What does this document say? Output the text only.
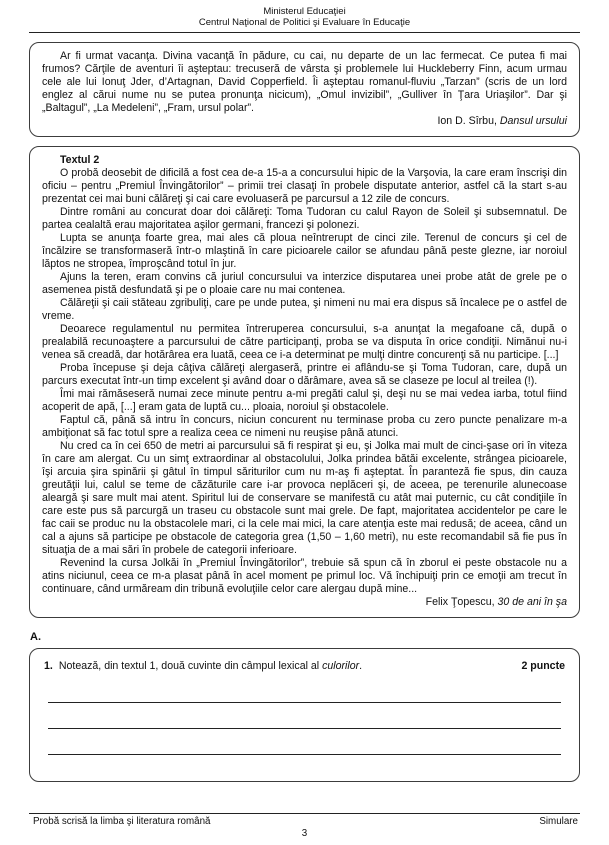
Ministerul Educaţiei
Centrul Naţional de Politici şi Evaluare în Educaţie

Ar fi urmat vacanţa. Divina vacanţă în pădure, cu cai, nu departe de un lac fermecat. Ce putea fi mai frumos? Cărţile de aventuri îi aşteptau: trecuseră de vârsta şi problemele lui Huckleberry Finn, acum urmau cele ale lui Ionuţ Jder, d’Artagnan, David Copperfield. Îi aşteptau romanul-fluviu „Tarzan” (scris de un lord englez al cărui nume nu se putea pronunţa nicicum), „Omul invizibil”, „Gulliver în Ţara Uriaşilor”. Dar şi „Baltagul”, „La Medeleni”, „Fram, ursul polar”.

Ion D. Sîrbu, Dansul ursului

Textul 2

O probă deosebit de dificilă a fost cea de-a 15-a a concursului hipic de la Varşovia, la care eram înscrişi din oficiu – pentru „Premiul Învingătorilor” – primii trei clasaţi în probele disputate anterior, astfel că la start s-au prezentat cei mai buni călăreţi şi cai care evoluaseră pe parcursul a 12 zile de concurs.

Dintre români au concurat doar doi călăreţi: Toma Tudoran cu calul Rayon de Soleil şi subsemnatul. De partea cealaltă erau majoritatea aşilor germani, francezi şi polonezi.

Lupta se anunţa foarte grea, mai ales că ploua neîntrerupt de cinci zile. Terenul de concurs şi cel de încălzire se transformaseră într-o mlaştină în care picioarele cailor se afundau până peste glezne, iar noroiul lăptos ne stropea, împroşcând totul în jur.

Ajuns la teren, eram convins că juriul concursului va interzice disputarea unei probe atât de grele pe o asemenea pistă desfundată şi pe o ploaie care nu mai contenea.

Călăreţii şi caii stăteau zgribuliţi, care pe unde putea, şi nimeni nu mai era dispus să încalece pe o astfel de vreme.

Deoarece regulamentul nu permitea întreruperea concursului, s-a anunţat la megafoane că, după o prealabilă recunoaştere a parcursului de către participanţi, proba se va disputa în orice condiţii. Nimănui nu-i venea să creadă, dar hotărârea era luată, ceea ce i-a determinat pe mulţi dintre concurenţi să nu participe. [...]

Proba începuse şi deja câţiva călăreţi alergaseră, printre ei aflându-se şi Toma Tudoran, care, după un parcurs executat într-un timp excelent şi având doar o dărâmare, avea să se claseze pe locul al treilea (!).

Îmi mai rămăseseră numai zece minute pentru a-mi pregăti calul şi, deşi nu se mai vedea iarba, totul fiind acoperit de apă, [...] eram gata de luptă cu... ploaia, noroiul şi obstacolele.

Faptul că, până să intru în concurs, niciun concurent nu terminase proba cu zero puncte penalizare m-a ambiţionat să fac totul spre a realiza ceea ce nimeni nu reuşise până atunci.

Nu cred ca în cei 650 de metri ai parcursului să fi respirat şi eu, şi Jolka mai mult de cinci-şase ori în viteza în care am alergat. Cu un simţ extraordinar al obstacolului, Jolka prindea bătăi excelente, strângea picioarele, îşi arcuia şira spinării şi gâtul în timpul săriturilor cum nu m-aş fi aşteptat. În paranteză fie spus, din cauza greutăţii lui, calul se teme de căzăturile care i-ar provoca neplăceri şi, de aceea, pe terenurile alunecoase aleargă şi sare mult mai atent. Spiritul lui de conservare se manifestă cu atât mai puternic, cu cât condiţiile în care este pus să parcurgă un traseu cu obstacole sunt mai grele. De fapt, majoritatea accidentelor pe care le fac caii se produc nu la obstacolele mari, ci la cele mai mici, la care atenţia este mai redusă; de aceea, când un cal a ajuns să participe pe obstacole de categoria grea (1,50 – 1,60 metri), nu este recomandabil să fie pus în situaţia de a mai sări în probele de categorii inferioare.

Revenind la cursa Jolkăi în „Premiul Învingătorilor”, trebuie să spun că în zborul ei peste obstacole nu a atins niciunul, ceea ce m-a plasat până în acel moment pe primul loc. Vă închipuiţi prin ce emoţii am trecut în continuare, când urmăream din tribună evoluţiile celor care alergau după mine...

Felix Ţopescu, 30 de ani în şa

A.
1. Notează, din textul 1, două cuvinte din câmpul lexical al culorilor.	2 puncte
Probă scrisă la limba şi literatura română	Simulare
3
